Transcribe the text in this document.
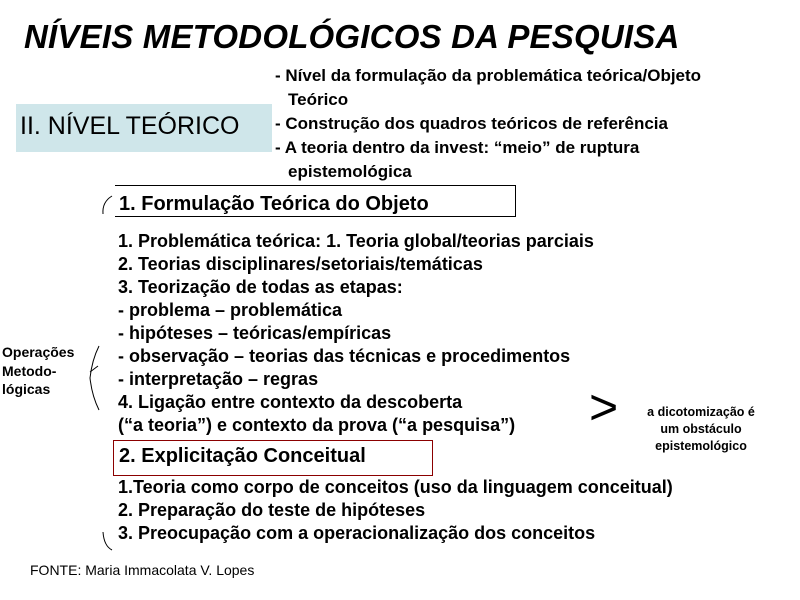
NÍVEIS METODOLÓGICOS DA PESQUISA
II. NÍVEL TEÓRICO
- Nível da formulação da problemática teórica/Objeto
Teórico
- Construção dos quadros teóricos de referência
- A teoria dentro da invest: “meio” de ruptura
epistemológica
1. Formulação Teórica do Objeto
1. Problemática teórica: 1. Teoria global/teorias parciais
2. Teorias disciplinares/setoriais/temáticas
3. Teorização de todas as etapas:
- problema – problemática
- hipóteses – teóricas/empíricas
- observação – teorias das técnicas e procedimentos
- interpretação – regras
4. Ligação entre contexto da descoberta
(“a teoria”) e contexto da prova (“a pesquisa”)
Operações
Metodo-
lógicas	>	a dicotomização é
um obstáculo
epistemológico
2. Explicitação Conceitual
1.Teoria como corpo de conceitos (uso da linguagem conceitual)
2. Preparação do teste de hipóteses
3. Preocupação com a operacionalização dos conceitos
FONTE: Maria Immacolata V. Lopes
